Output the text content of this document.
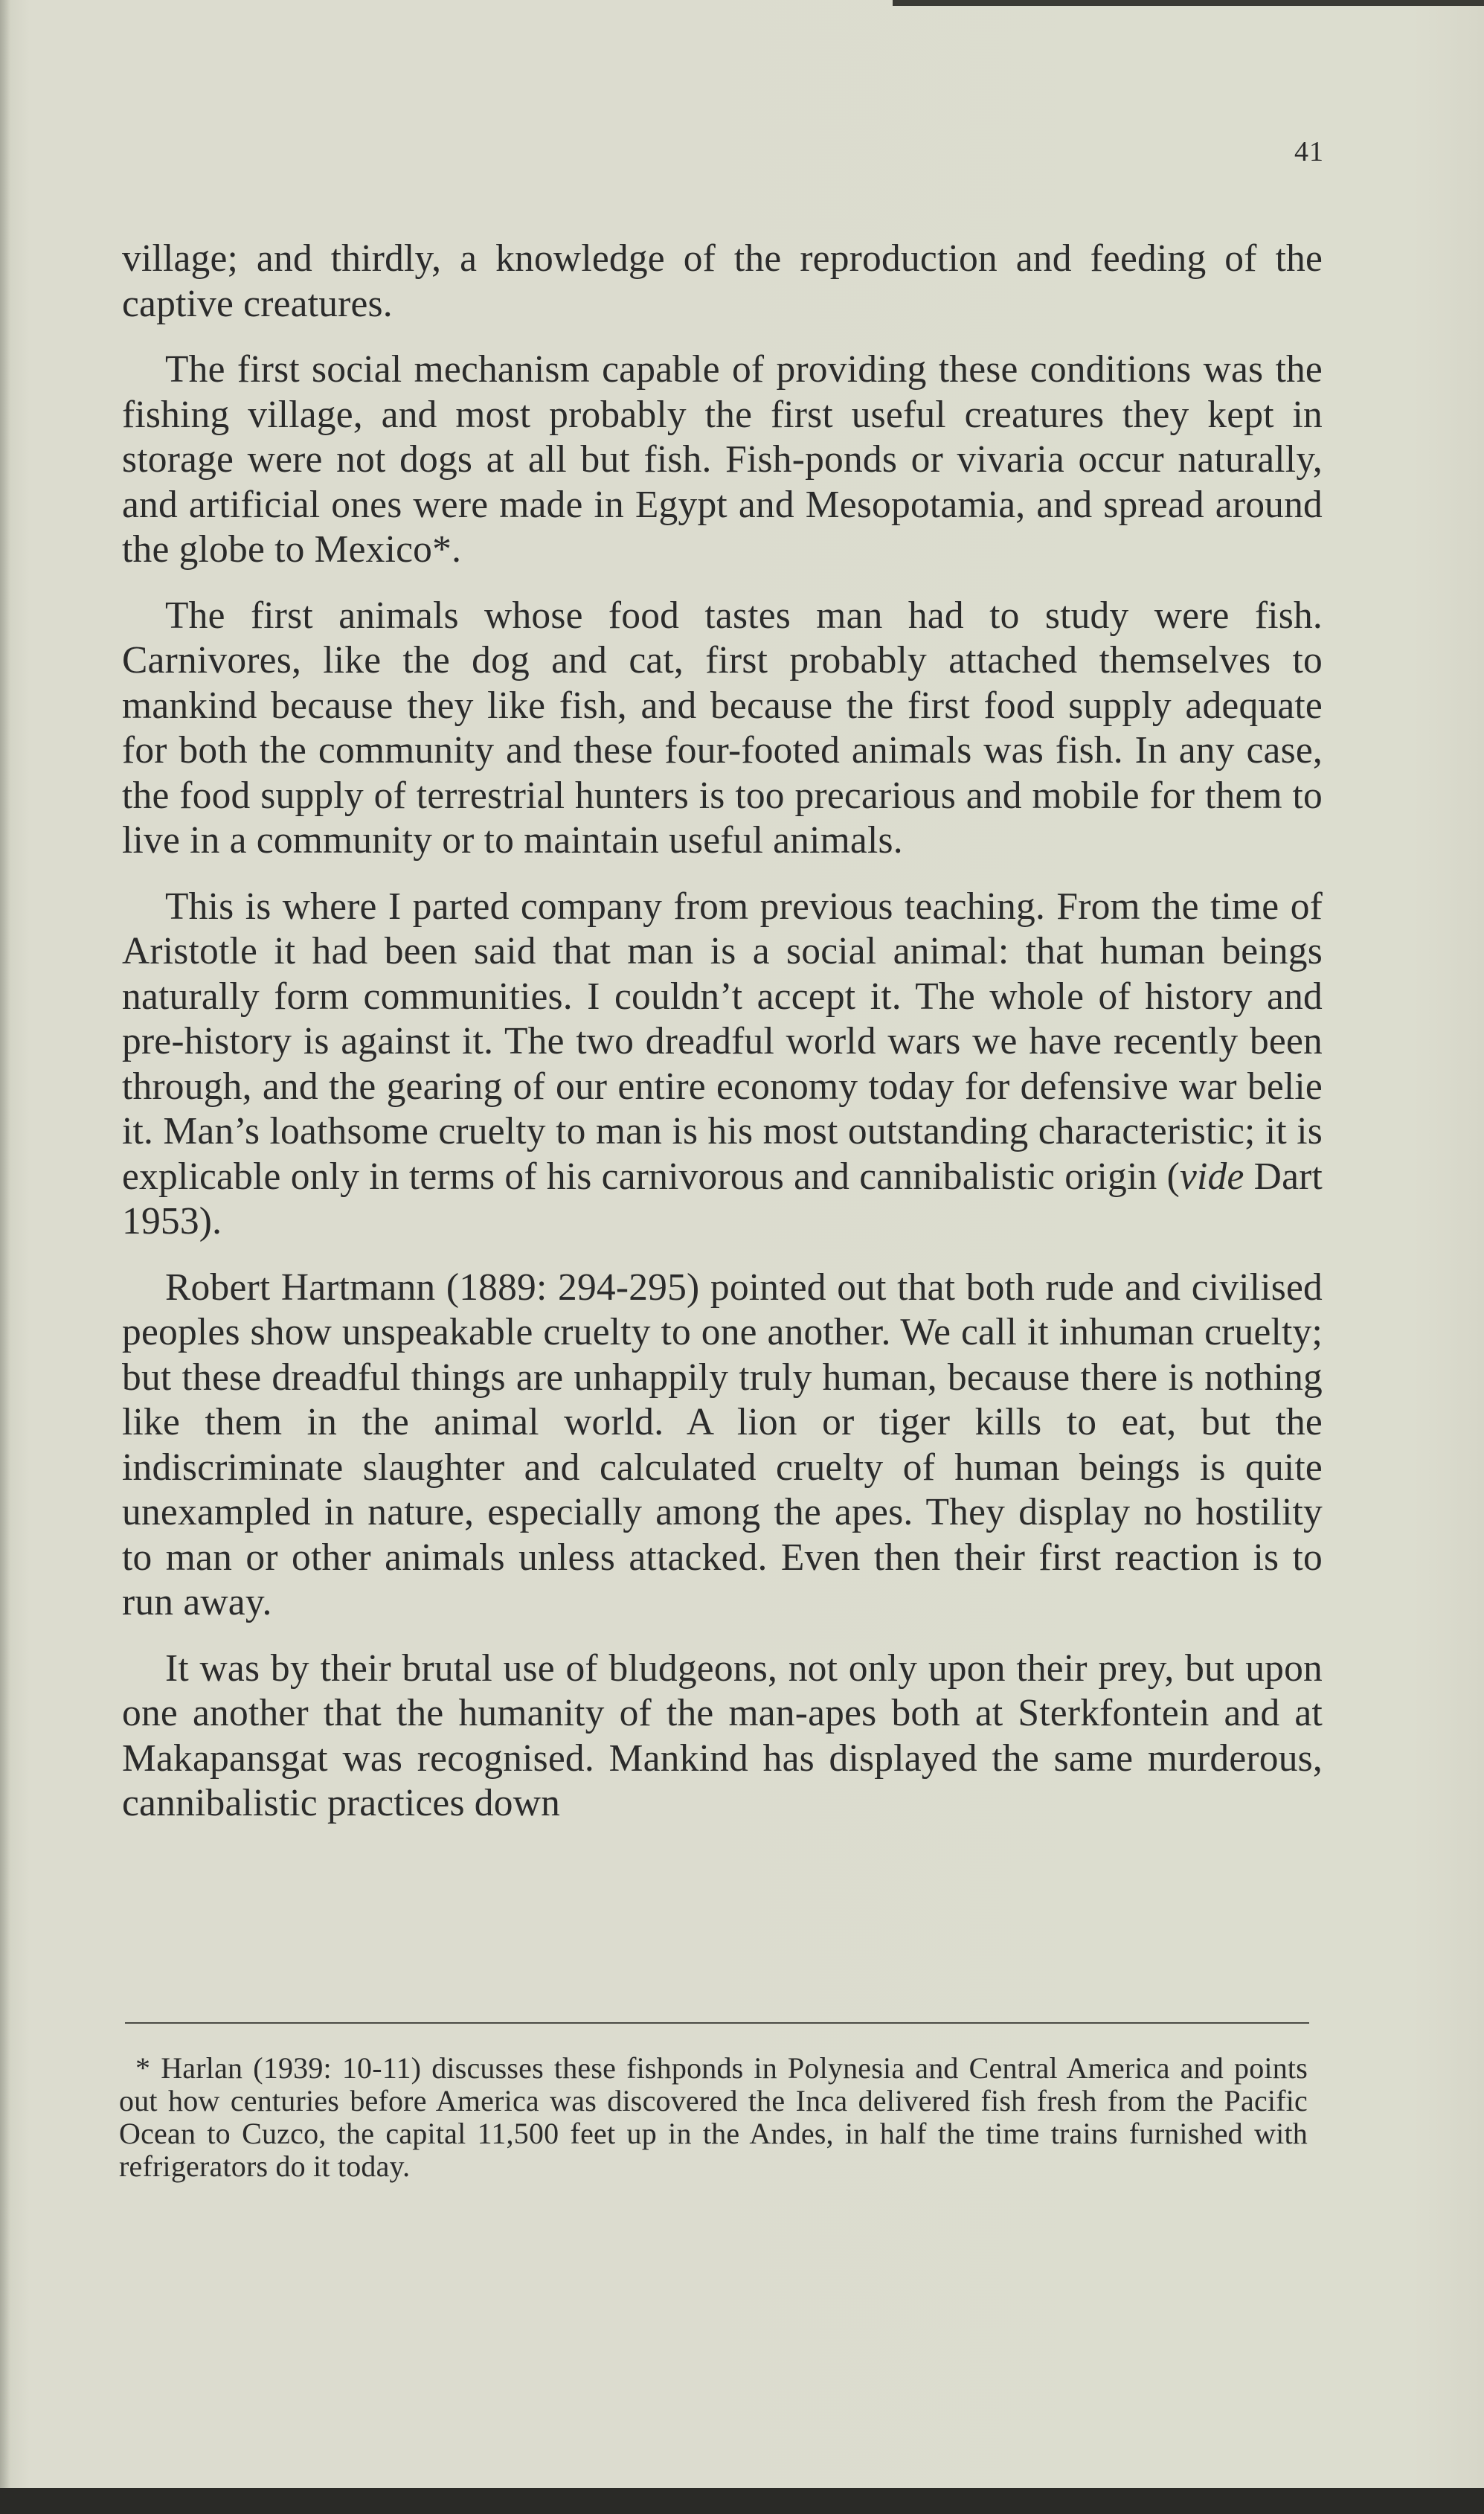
41

village; and thirdly, a knowledge of the reproduction and feeding of the captive creatures.

The first social mechanism capable of providing these conditions was the fishing village, and most probably the first useful creatures they kept in storage were not dogs at all but fish. Fish-ponds or vivaria occur naturally, and artificial ones were made in Egypt and Mesopotamia, and spread around the globe to Mexico*.

The first animals whose food tastes man had to study were fish. Carnivores, like the dog and cat, first probably attached themselves to mankind because they like fish, and because the first food supply adequate for both the community and these four-footed animals was fish. In any case, the food supply of terrestrial hunters is too precarious and mobile for them to live in a community or to maintain useful animals.

This is where I parted company from previous teaching. From the time of Aristotle it had been said that man is a social animal: that human beings naturally form communities. I couldn’t accept it. The whole of history and pre-history is against it. The two dreadful world wars we have recently been through, and the gearing of our entire economy today for defensive war belie it. Man’s loathsome cruelty to man is his most outstanding characteristic; it is explicable only in terms of his carnivorous and cannibalistic origin (vide Dart 1953).

Robert Hartmann (1889: 294-295) pointed out that both rude and civilised peoples show unspeakable cruelty to one another. We call it inhuman cruelty; but these dreadful things are unhappily truly human, because there is nothing like them in the animal world. A lion or tiger kills to eat, but the indiscriminate slaughter and calculated cruelty of human beings is quite unexampled in nature, especially among the apes. They display no hostility to man or other animals unless attacked. Even then their first reaction is to run away.

It was by their brutal use of bludgeons, not only upon their prey, but upon one another that the humanity of the man-apes both at Sterkfontein and at Makapansgat was recognised. Mankind has displayed the same murderous, cannibalistic practices down

* Harlan (1939: 10-11) discusses these fishponds in Polynesia and Central America and points out how centuries before America was discovered the Inca delivered fish fresh from the Pacific Ocean to Cuzco, the capital 11,500 feet up in the Andes, in half the time trains furnished with refrigerators do it today.
